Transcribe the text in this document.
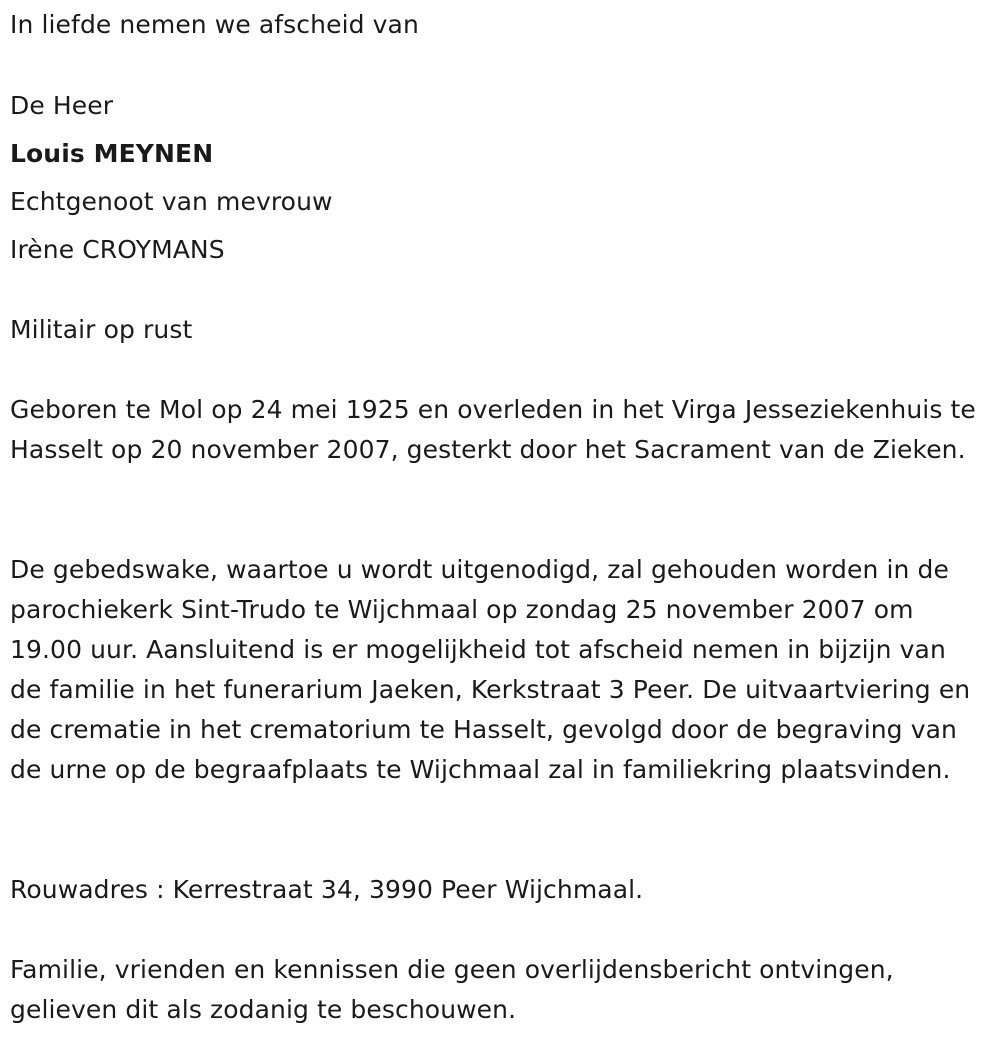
In liefde nemen we afscheid van
De Heer
Louis MEYNEN
Echtgenoot van mevrouw
Irène CROYMANS
Militair op rust
Geboren te Mol op 24 mei 1925 en overleden in het Virga Jesseziekenhuis te Hasselt op 20 november 2007, gesterkt door het Sacrament van de Zieken.
De gebedswake, waartoe u wordt uitgenodigd, zal gehouden worden in de parochiekerk Sint-Trudo te Wijchmaal op zondag 25 november 2007 om 19.00 uur. Aansluitend is er mogelijkheid tot afscheid nemen in bijzijn van de familie in het funerarium Jaeken, Kerkstraat 3 Peer. De uitvaartviering en de crematie in het crematorium te Hasselt, gevolgd door de begraving van de urne op de begraafplaats te Wijchmaal zal in familiekring plaatsvinden.
Rouwadres : Kerrestraat 34, 3990 Peer Wijchmaal.
Familie, vrienden en kennissen die geen overlijdensbericht ontvingen, gelieven dit als zodanig te beschouwen.
